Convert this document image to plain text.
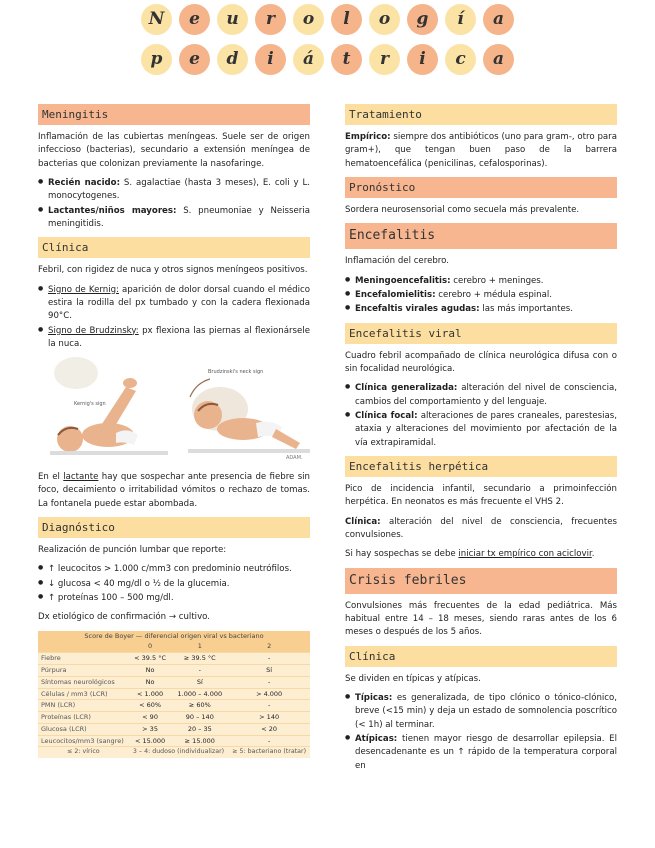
N	e	u	r	o	l	o	g	í	a
p	e	d	i	á	t	r	i	c	a
Meningitis

Inflamación de las cubiertas meníngeas. Suele ser de origen infeccioso (bacterias), secundario a extensión meníngea de bacterias que colonizan previamente la nasofaringe.

● Recién nacido: S. agalactiae (hasta 3 meses), E. coli y L. monocytogenes.
● Lactantes/niños mayores: S. pneumoniae y Neisseria meningitidis.
Clínica

Febril, con rigidez de nuca y otros signos meníngeos positivos.

● Signo de Kernig: aparición de dolor dorsal cuando el médico estira la rodilla del px tumbado y con la cadera flexionada 90°C.
● Signo de Brudzinsky: px flexiona las piernas al flexionársele la nuca.
Kernig's sign
Brudzinski's neck sign
ADAM.

En el lactante hay que sospechar ante presencia de fiebre sin foco, decaimiento o irritabilidad vómitos o rechazo de tomas. La fontanela puede estar abombada.

Diagnóstico

Realización de punción lumbar que reporte:

● ↑ leucocitos > 1.000 c/mm3 con predominio neutrófilos.
● ↓ glucosa < 40 mg/dl o ½ de la glucemia.
● ↑ proteínas 100 – 500 mg/dl.

Dx etiológico de confirmación → cultivo.

Score de Boyer — diferencial origen viral vs bacteriano			
	0	1	2
Fiebre	< 39.5 °C	≥ 39.5 °C	-
Púrpura	No	-	Sí
Síntomas neurológicos	No	Sí	-
Células / mm3 (LCR)	< 1.000	1.000 – 4.000	> 4.000
PMN (LCR)	< 60%	≥ 60%	-
Proteínas (LCR)	< 90	90 – 140	> 140
Glucosa (LCR)	> 35	20 – 35	< 20
Leucocitos/mm3 (sangre)	< 15.000	≥ 15.000	-
≤ 2: vírico	3 – 4: dudoso (individualizar)		≥ 5: bacteriano (tratar)
Tratamiento

Empírico: siempre dos antibióticos (uno para gram-, otro para gram+), que tengan buen paso de la barrera hematoencefálica (penicilinas, cefalosporinas).

Pronóstico

Sordera neurosensorial como secuela más prevalente.

Encefalitis

Inflamación del cerebro.

● Meningoencefalitis: cerebro + meninges.
● Encefalomielitis: cerebro + médula espinal.
● Encefaltis virales agudas: las más importantes.
Encefalitis viral

Cuadro febril acompañado de clínica neurológica difusa con o sin focalidad neurológica.

● Clínica generalizada: alteración del nivel de consciencia, cambios del comportamiento y del lenguaje.
● Clínica focal: alteraciones de pares craneales, parestesias, ataxia y alteraciones del movimiento por afectación de la vía extrapiramidal.
Encefalitis herpética

Pico de incidencia infantil, secundario a primoinfección herpética. En neonatos es más frecuente el VHS 2.

Clínica: alteración del nivel de consciencia, frecuentes convulsiones.

Si hay sospechas se debe iniciar tx empírico con aciclovir.

Crisis febriles

Convulsiones más frecuentes de la edad pediátrica. Más habitual entre 14 – 18 meses, siendo raras antes de los 6 meses o después de los 5 años.

Clínica

Se dividen en típicas y atípicas.

● Típicas: es generalizada, de tipo clónico o tónico-clónico, breve (<15 min) y deja un estado de somnolencia poscrítico (< 1h) al terminar.
● Atípicas: tienen mayor riesgo de desarrollar epilepsia. El desencadenante es un ↑ rápido de la temperatura corporal en
